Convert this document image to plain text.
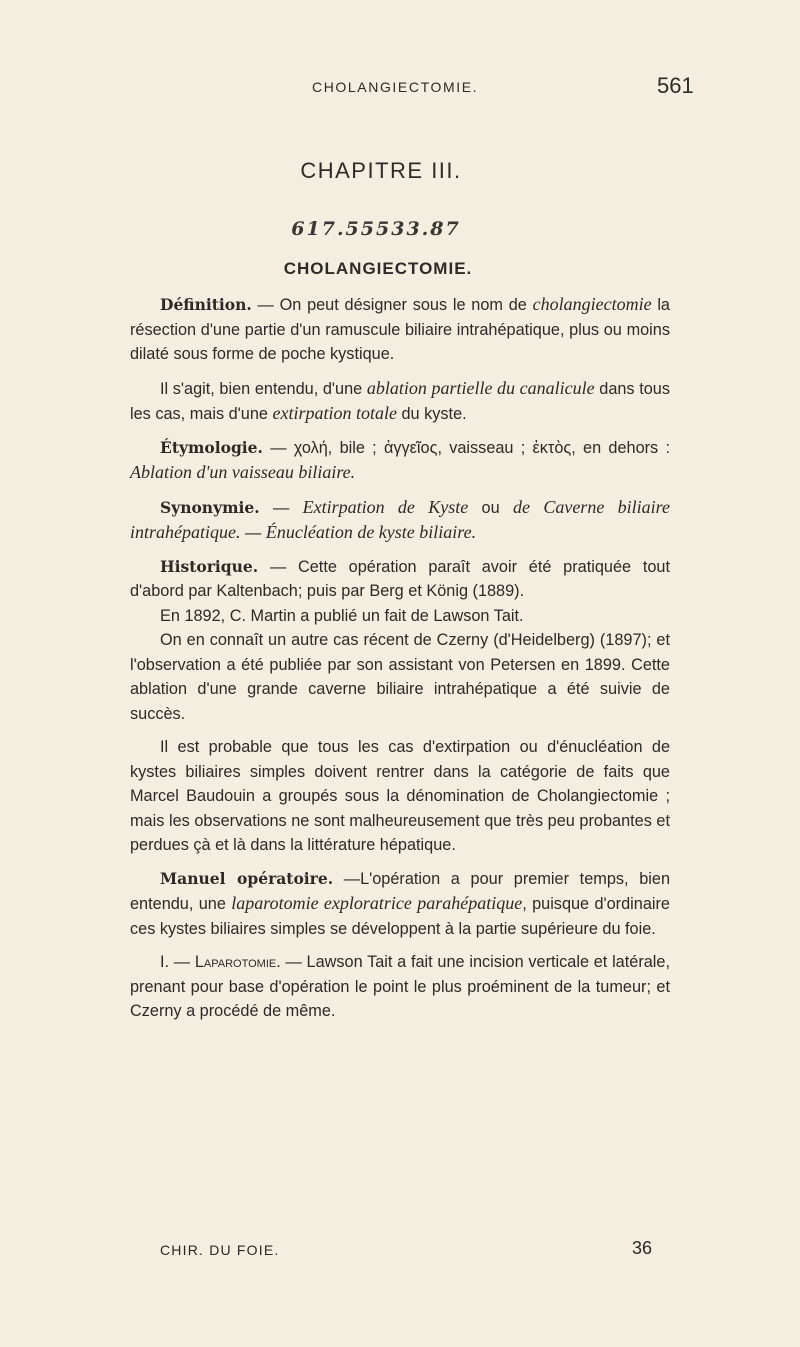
CHOLANGIECTOMIE.	561
CHAPITRE III.
617.55533.87
CHOLANGIECTOMIE.

Définition. — On peut désigner sous le nom de cholangiectomie la résection d'une partie d'un ramuscule biliaire intrahépatique, plus ou moins dilaté sous forme de poche kystique.

Il s'agit, bien entendu, d'une ablation partielle du canalicule dans tous les cas, mais d'une extirpation totale du kyste.

Étymologie. — χολή, bile ; ἀγγεῖος, vaisseau ; ἐκτὸς, en dehors : Ablation d'un vaisseau biliaire.

Synonymie. — Extirpation de Kyste ou de Caverne biliaire intrahépatique. — Énucléation de kyste biliaire.

Historique. — Cette opération paraît avoir été pratiquée tout d'abord par Kaltenbach; puis par Berg et König (1889).

En 1892, C. Martin a publié un fait de Lawson Tait.

On en connaît un autre cas récent de Czerny (d'Heidelberg) (1897); et l'observation a été publiée par son assistant von Petersen en 1899. Cette ablation d'une grande caverne biliaire intrahépatique a été suivie de succès.

Il est probable que tous les cas d'extirpation ou d'énucléation de kystes biliaires simples doivent rentrer dans la catégorie de faits que Marcel Baudouin a groupés sous la dénomination de Cholangiectomie ; mais les observations ne sont malheureusement que très peu probantes et perdues çà et là dans la littérature hépatique.

Manuel opératoire. —L'opération a pour premier temps, bien entendu, une laparotomie exploratrice parahépatique, puisque d'ordinaire ces kystes biliaires simples se développent à la partie supérieure du foie.

I. — Laparotomie. — Lawson Tait a fait une incision verticale et latérale, prenant pour base d'opération le point le plus proéminent de la tumeur; et Czerny a procédé de même.

CHIR. DU FOIE.	36
